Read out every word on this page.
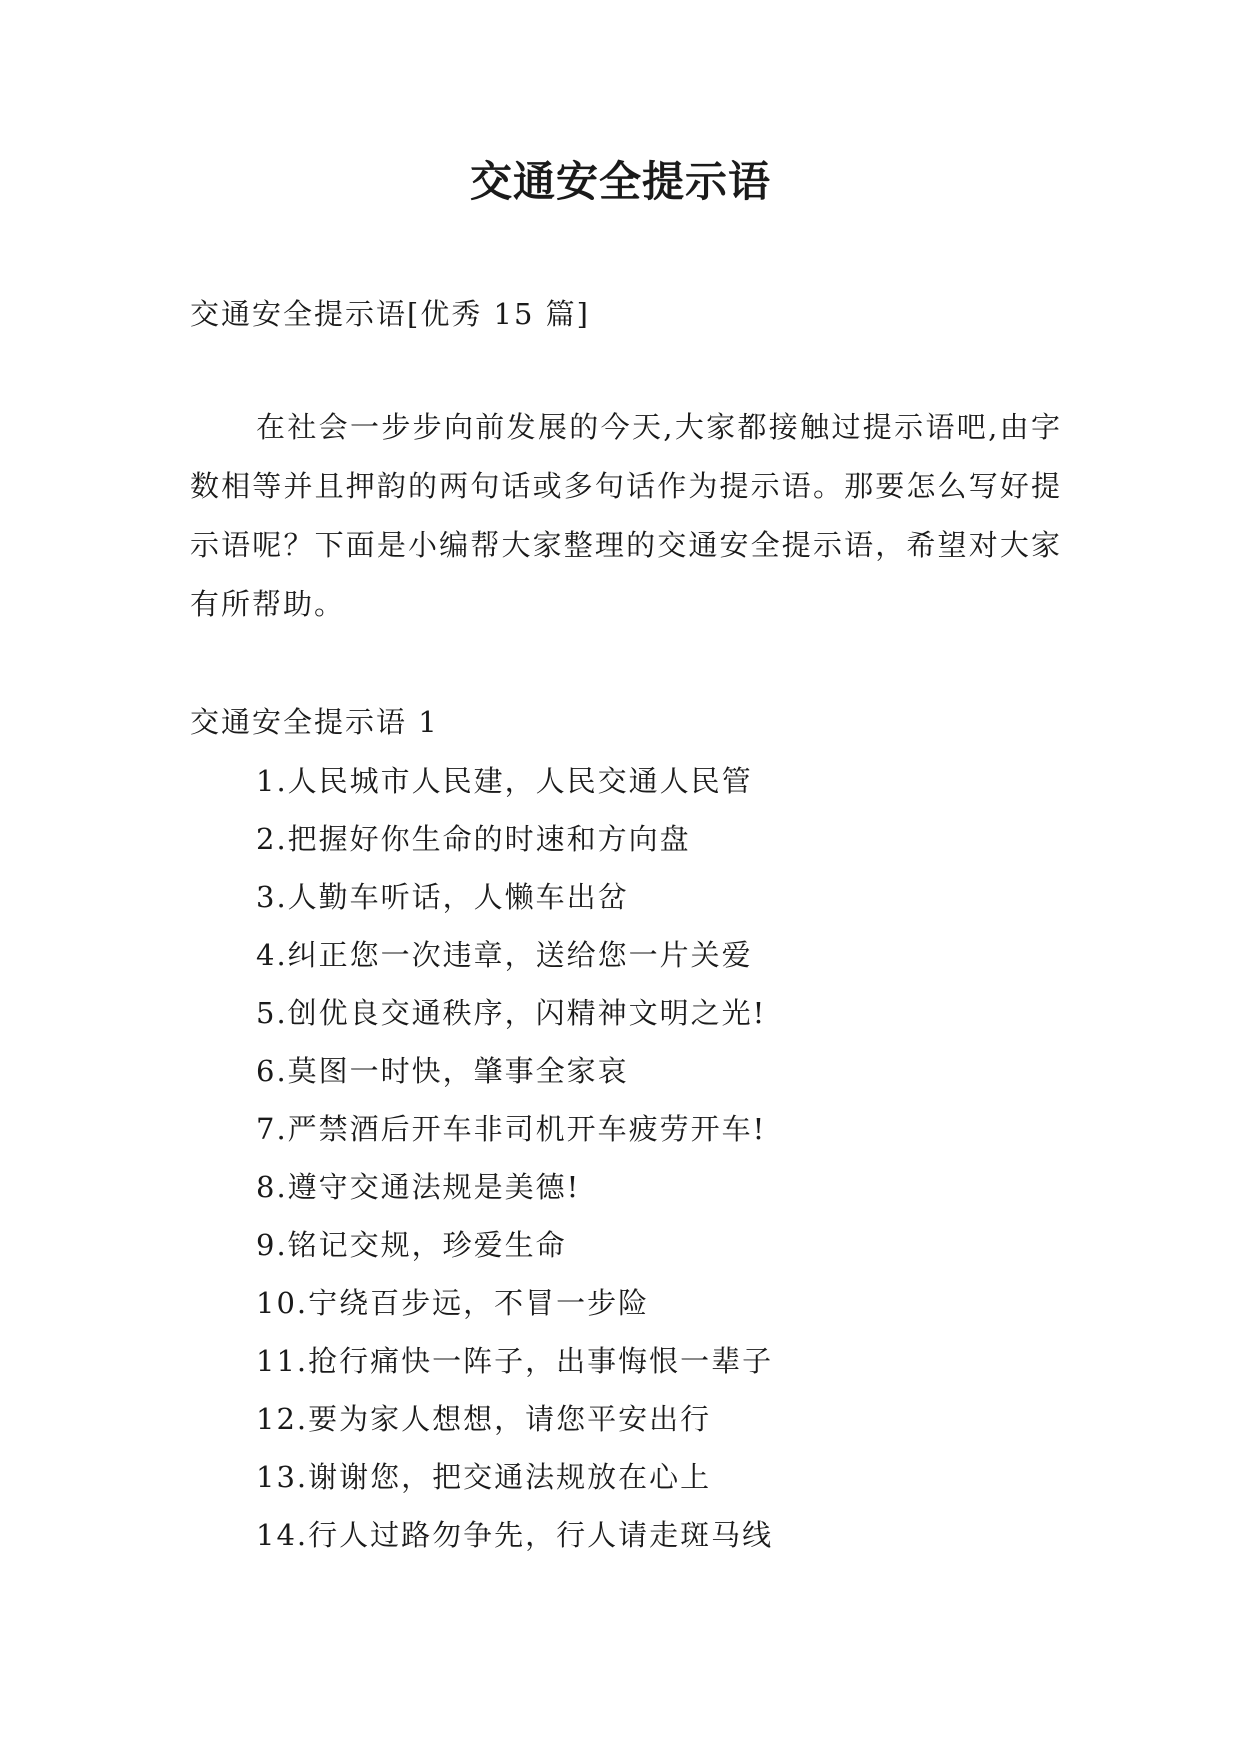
交通安全提示语

交通安全提示语[优秀 15 篇]

在社会一步步向前发展的今天,大家都接触过提示语吧,由字数相等并且押韵的两句话或多句话作为提示语。那要怎么写好提示语呢？下面是小编帮大家整理的交通安全提示语，希望对大家有所帮助。

交通安全提示语 1

1.人民城市人民建，人民交通人民管
2.把握好你生命的时速和方向盘
3.人勤车听话，人懒车出岔
4.纠正您一次违章，送给您一片关爱
5.创优良交通秩序，闪精神文明之光!
6.莫图一时快，肇事全家哀
7.严禁酒后开车非司机开车疲劳开车!
8.遵守交通法规是美德!
9.铭记交规，珍爱生命
10.宁绕百步远，不冒一步险
11.抢行痛快一阵子，出事悔恨一辈子
12.要为家人想想，请您平安出行
13.谢谢您，把交通法规放在心上
14.行人过路勿争先，行人请走斑马线
